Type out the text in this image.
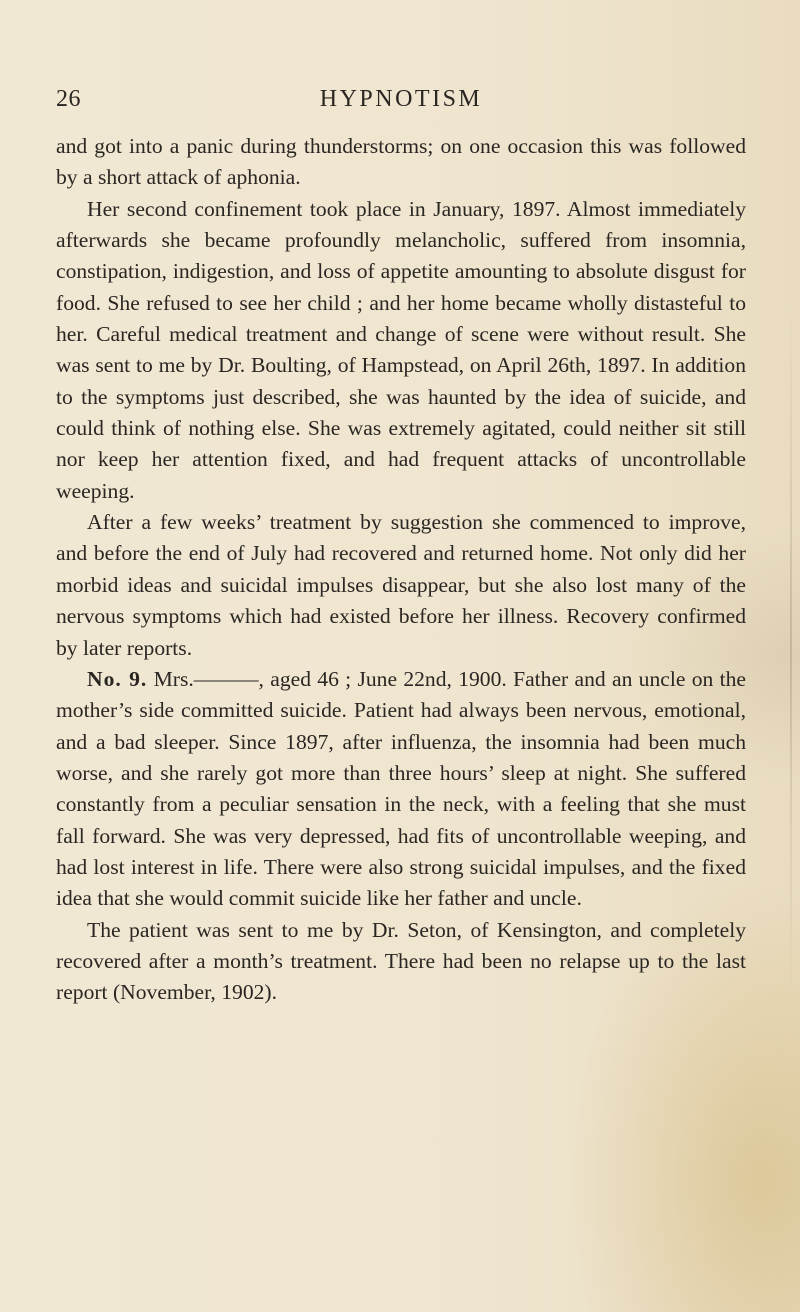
26	HYPNOTISM

and got into a panic during thunderstorms; on one occasion this was followed by a short attack of aphonia.

Her second confinement took place in January, 1897. Almost immediately afterwards she became profoundly melancholic, suffered from insomnia, constipation, indigestion, and loss of appetite amounting to absolute disgust for food. She refused to see her child ; and her home became wholly distasteful to her. Careful medical treatment and change of scene were without result. She was sent to me by Dr. Boulting, of Hampstead, on April 26th, 1897. In addition to the symptoms just described, she was haunted by the idea of suicide, and could think of nothing else. She was extremely agitated, could neither sit still nor keep her attention fixed, and had frequent attacks of uncontrollable weeping.

After a few weeks’ treatment by suggestion she commenced to improve, and before the end of July had recovered and returned home. Not only did her morbid ideas and suicidal impulses disappear, but she also lost many of the nervous symptoms which had existed before her illness. Recovery confirmed by later reports.

No. 9. Mrs.———, aged 46 ; June 22nd, 1900. Father and an uncle on the mother’s side committed suicide. Patient had always been nervous, emotional, and a bad sleeper. Since 1897, after influenza, the insomnia had been much worse, and she rarely got more than three hours’ sleep at night. She suffered constantly from a peculiar sensation in the neck, with a feeling that she must fall forward. She was very depressed, had fits of uncontrollable weeping, and had lost interest in life. There were also strong suicidal impulses, and the fixed idea that she would commit suicide like her father and uncle.

The patient was sent to me by Dr. Seton, of Kensington, and completely recovered after a month’s treatment. There had been no relapse up to the last report (November, 1902).
